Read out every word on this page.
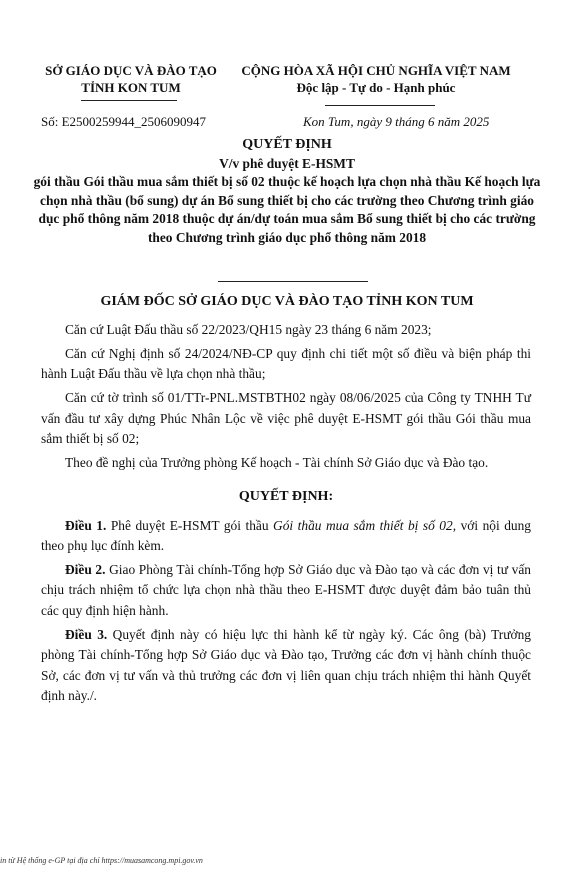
SỞ GIÁO DỤC VÀ ĐÀO TẠO
TỈNH KON TUM
CỘNG HÒA XÃ HỘI CHỦ NGHĨA VIỆT NAM
Độc lập - Tự do - Hạnh phúc
Số: E2500259944_2506090947	Kon Tum, ngày 9 tháng 6 năm 2025
QUYẾT ĐỊNH
V/v phê duyệt E-HSMT
gói thầu Gói thầu mua sắm thiết bị số 02 thuộc kế hoạch lựa chọn nhà thầu Kế hoạch lựa chọn nhà thầu (bổ sung) dự án Bổ sung thiết bị cho các trường theo Chương trình giáo dục phổ thông năm 2018 thuộc dự án/dự toán mua sắm Bổ sung thiết bị cho các trường theo Chương trình giáo dục phổ thông năm 2018
GIÁM ĐỐC SỞ GIÁO DỤC VÀ ĐÀO TẠO TỈNH KON TUM

Căn cứ Luật Đấu thầu số 22/2023/QH15 ngày 23 tháng 6 năm 2023;

Căn cứ Nghị định số 24/2024/NĐ-CP quy định chi tiết một số điều và biện pháp thi hành Luật Đấu thầu về lựa chọn nhà thầu;

Căn cứ tờ trình số 01/TTr-PNL.MSTBTH02 ngày 08/06/2025 của Công ty TNHH Tư vấn đầu tư xây dựng Phúc Nhân Lộc về việc phê duyệt E-HSMT gói thầu Gói thầu mua sắm thiết bị số 02;

Theo đề nghị của Trưởng phòng Kế hoạch - Tài chính Sở Giáo dục và Đào tạo.

QUYẾT ĐỊNH:

Điều 1. Phê duyệt E-HSMT gói thầu Gói thầu mua sắm thiết bị số 02, với nội dung theo phụ lục đính kèm.

Điều 2. Giao Phòng Tài chính-Tổng hợp Sở Giáo dục và Đào tạo và các đơn vị tư vấn chịu trách nhiệm tổ chức lựa chọn nhà thầu theo E-HSMT được duyệt đảm bảo tuân thủ các quy định hiện hành.

Điều 3. Quyết định này có hiệu lực thi hành kể từ ngày ký. Các ông (bà) Trưởng phòng Tài chính-Tổng hợp Sở Giáo dục và Đào tạo, Trưởng các đơn vị hành chính thuộc Sở, các đơn vị tư vấn và thủ trưởng các đơn vị liên quan chịu trách nhiệm thi hành Quyết định này./.

in từ Hệ thống e-GP tại địa chỉ https://muasamcong.mpi.gov.vn
